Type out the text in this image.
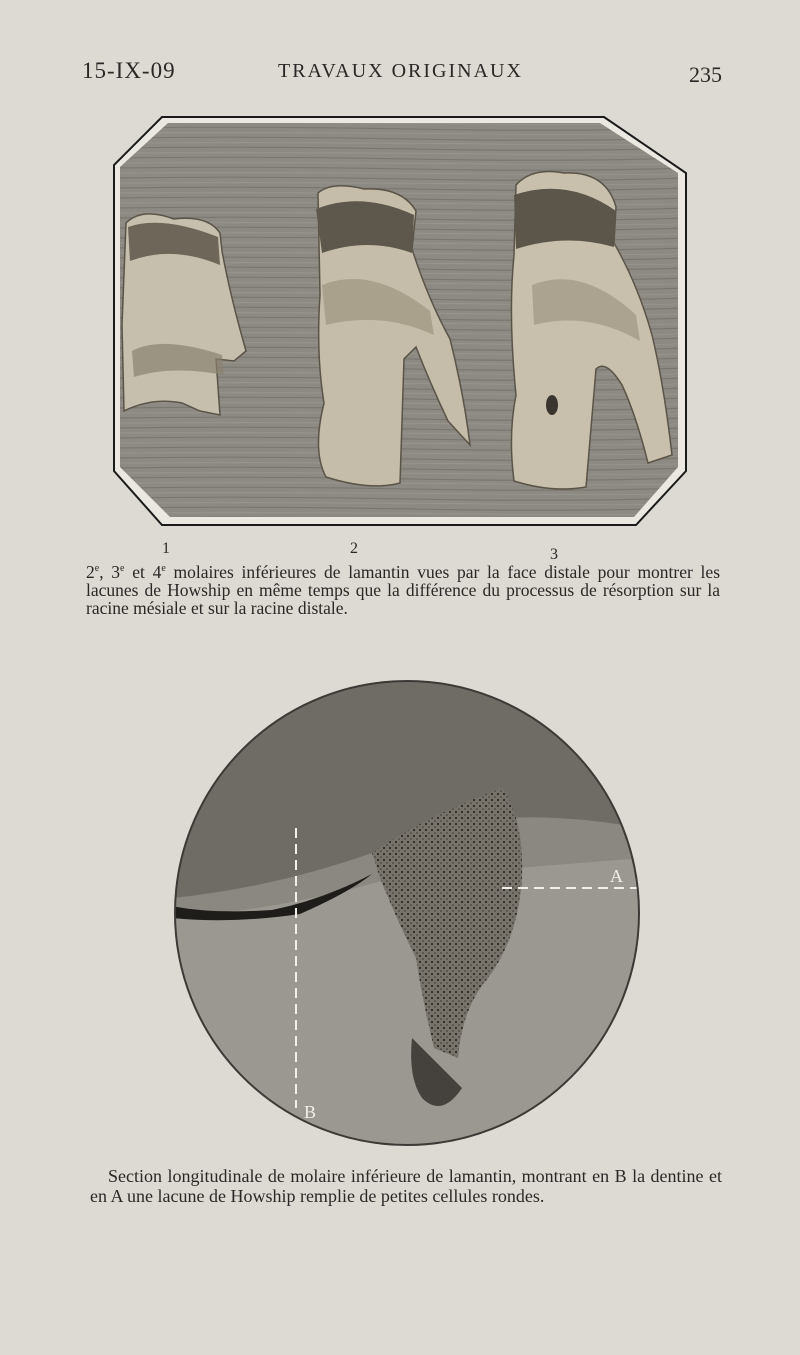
15-IX-09	TRAVAUX ORIGINAUX	235
1	2	3
2e, 3e et 4e molaires inférieures de lamantin vues par la face distale pour montrer les lacunes de Howship en même temps que la différence du processus de résorption sur la racine mésiale et sur la racine distale.
A
B
Section longitudinale de molaire inférieure de lamantin, montrant en B la dentine et en A une lacune de Howship remplie de petites cellules rondes.
